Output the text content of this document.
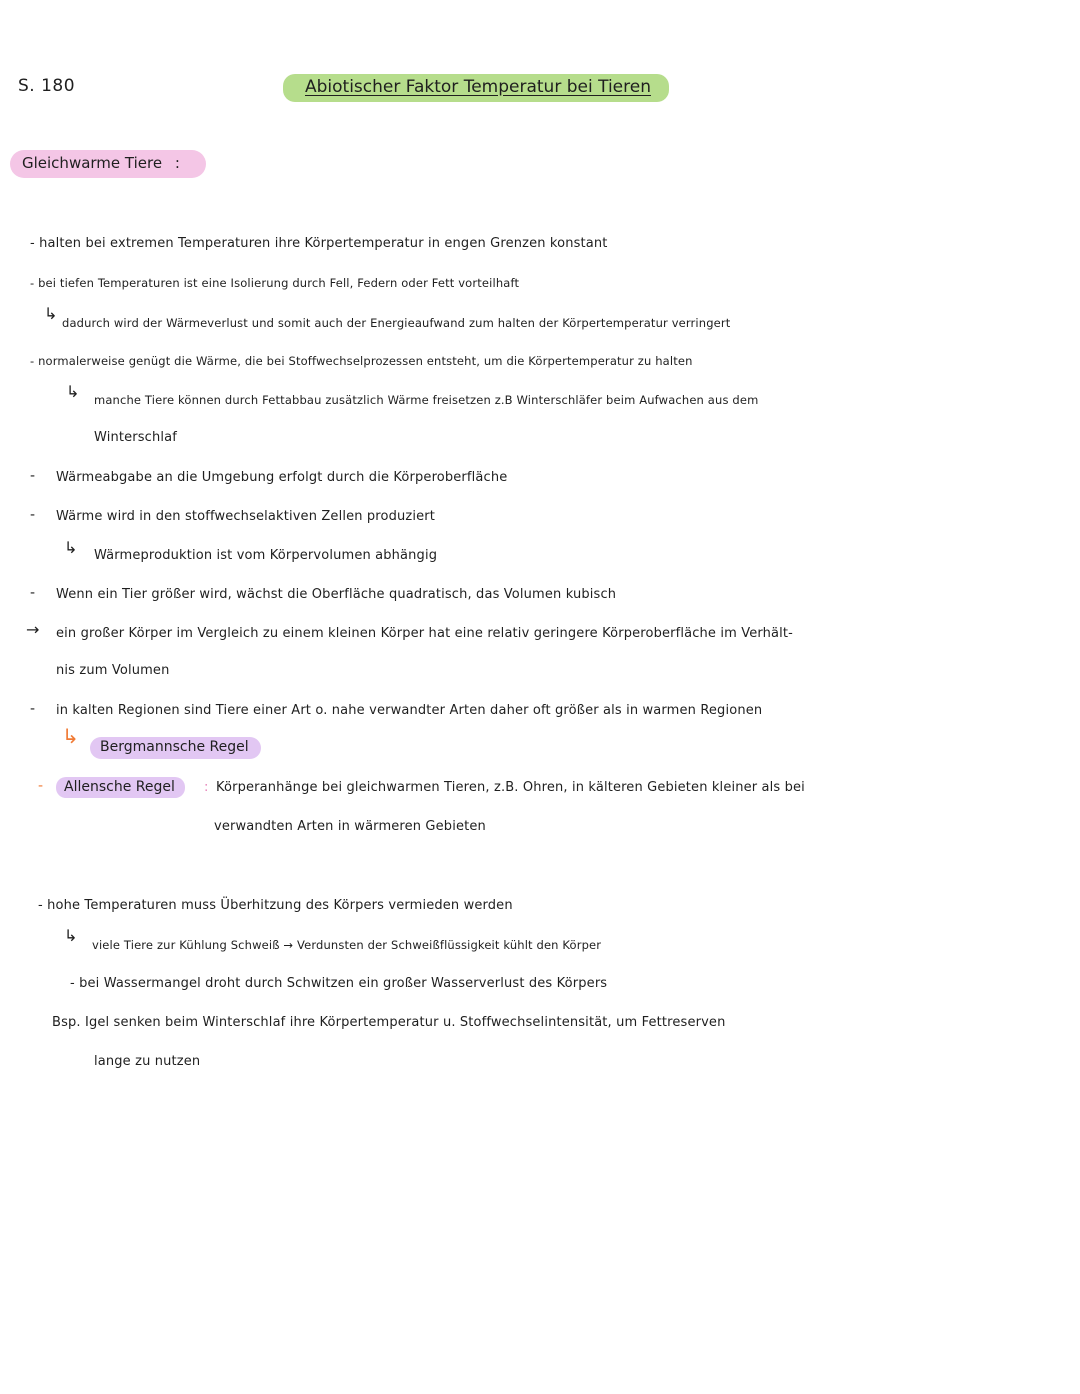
S. 180	Abiotischer Faktor Temperatur bei Tieren
Gleichwarme Tiere :
- halten bei extremen Temperaturen ihre Körpertemperatur in engen Grenzen konstant
- bei tiefen Temperaturen ist eine Isolierung durch Fell, Federn oder Fett vorteilhaft
↳ dadurch wird der Wärmeverlust und somit auch der Energieaufwand zum halten der Körpertemperatur verringert
- normalerweise genügt die Wärme, die bei Stoffwechselprozessen entsteht, um die Körpertemperatur zu halten
↳ manche Tiere können durch Fettabbau zusätzlich Wärme freisetzen z.B Winterschläfer beim Aufwachen aus dem
Winterschlaf
- Wärmeabgabe an die Umgebung erfolgt durch die Körperoberfläche
- Wärme wird in den stoffwechselaktiven Zellen produziert
↳ Wärmeproduktion ist vom Körpervolumen abhängig
- Wenn ein Tier größer wird, wächst die Oberfläche quadratisch, das Volumen kubisch
→ ein großer Körper im Vergleich zu einem kleinen Körper hat eine relativ geringere Körperoberfläche im Verhält-
nis zum Volumen
- in kalten Regionen sind Tiere einer Art o. nahe verwandter Arten daher oft größer als in warmen Regionen
↳	Bergmannsche Regel
-	Allensche Regel	: Körperanhänge bei gleichwarmen Tieren, z.B. Ohren, in kälteren Gebieten kleiner als bei
verwandten Arten in wärmeren Gebieten
- hohe Temperaturen muss Überhitzung des Körpers vermieden werden
↳ viele Tiere zur Kühlung Schweiß → Verdunsten der Schweißflüssigkeit kühlt den Körper
- bei Wassermangel droht durch Schwitzen ein großer Wasserverlust des Körpers
Bsp. Igel senken beim Winterschlaf ihre Körpertemperatur u. Stoffwechselintensität, um Fettreserven
lange zu nutzen
